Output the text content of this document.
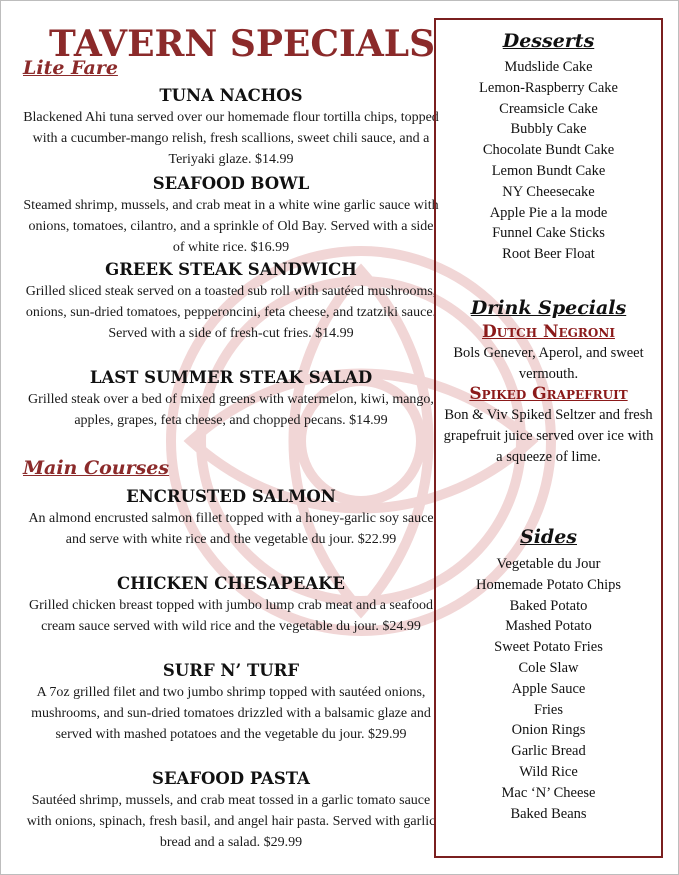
TAVERN SPECIALS
Lite Fare
TUNA NACHOS
Blackened Ahi tuna served over our homemade flour tortilla chips, topped with a cucumber-mango relish, fresh scallions, sweet chili sauce, and a Teriyaki glaze. $14.99
SEAFOOD BOWL
Steamed shrimp, mussels, and crab meat in a white wine garlic sauce with onions, tomatoes, cilantro, and a sprinkle of Old Bay. Served with a side of white rice. $16.99
GREEK STEAK SANDWICH
Grilled sliced steak served on a toasted sub roll with sautéed mushrooms, onions, sun-dried tomatoes, pepperoncini, feta cheese, and tzatziki sauce. Served with a side of fresh-cut fries. $14.99
LAST SUMMER STEAK SALAD
Grilled steak over a bed of mixed greens with watermelon, kiwi, mango, apples, grapes, feta cheese, and chopped pecans. $14.99
Main Courses
ENCRUSTED SALMON
An almond encrusted salmon fillet topped with a honey-garlic soy sauce and serve with white rice and the vegetable du jour. $22.99
CHICKEN CHESAPEAKE
Grilled chicken breast topped with jumbo lump crab meat and a seafood cream sauce served with wild rice and the vegetable du jour. $24.99
SURF N’ TURF
A 7oz grilled filet and two jumbo shrimp topped with sautéed onions, mushrooms, and sun-dried tomatoes drizzled with a balsamic glaze and served with mashed potatoes and the vegetable du jour. $29.99
SEAFOOD PASTA
Sautéed shrimp, mussels, and crab meat tossed in a garlic tomato sauce with onions, spinach, fresh basil, and angel hair pasta. Served with garlic bread and a salad. $29.99
Desserts
Mudslide Cake
Lemon-Raspberry Cake
Creamsicle Cake
Bubbly Cake
Chocolate Bundt Cake
Lemon Bundt Cake
NY Cheesecake
Apple Pie a la mode
Funnel Cake Sticks
Root Beer Float
Drink Specials
Dutch Negroni
Bols Genever, Aperol, and sweet vermouth.
Spiked Grapefruit
Bon & Viv Spiked Seltzer and fresh grapefruit juice served over ice with a squeeze of lime.
Sides
Vegetable du Jour
Homemade Potato Chips
Baked Potato
Mashed Potato
Sweet Potato Fries
Cole Slaw
Apple Sauce
Fries
Onion Rings
Garlic Bread
Wild Rice
Mac ‘N’ Cheese
Baked Beans
